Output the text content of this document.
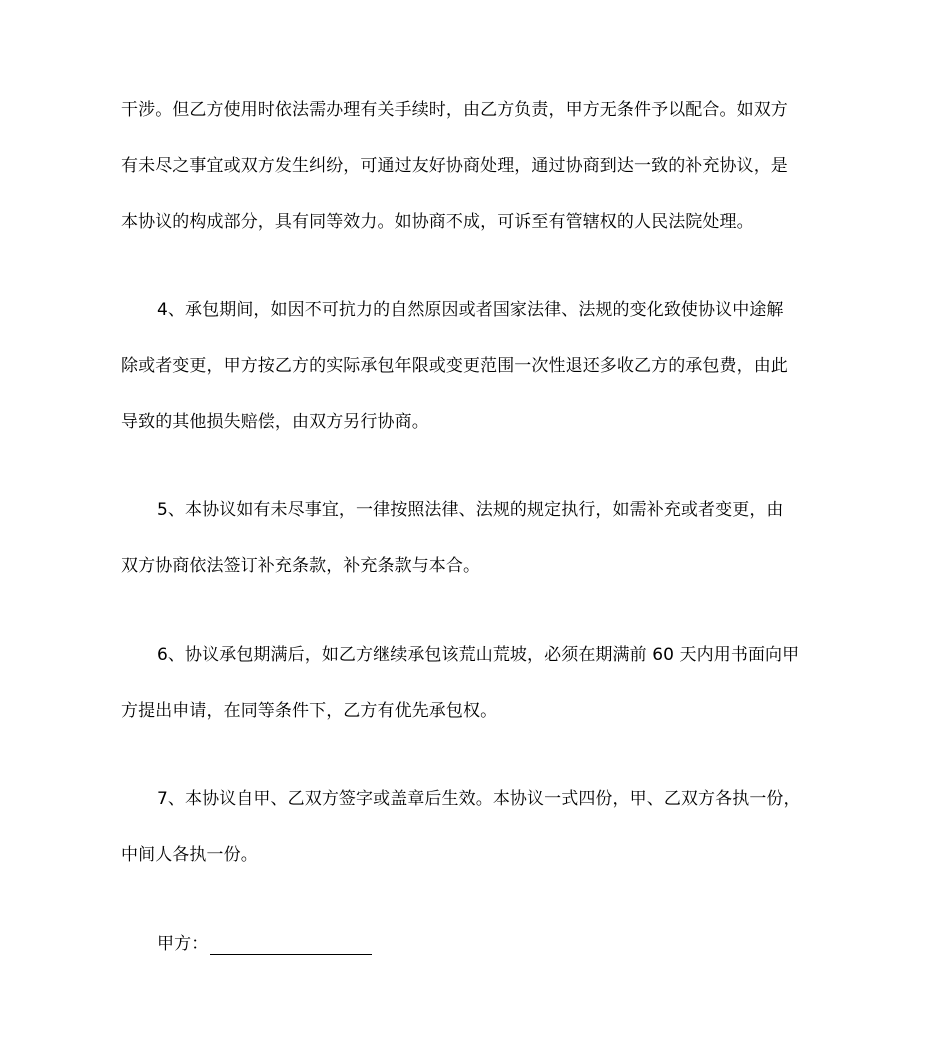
干涉。但乙方使用时依法需办理有关手续时，由乙方负责，甲方无条件予以配合。如双方
有未尽之事宜或双方发生纠纷，可通过友好协商处理，通过协商到达一致的补充协议，是
本协议的构成部分，具有同等效力。如协商不成，可诉至有管辖权的人民法院处理。
4、承包期间，如因不可抗力的自然原因或者国家法律、法规的变化致使协议中途解
除或者变更，甲方按乙方的实际承包年限或变更范围一次性退还多收乙方的承包费，由此
导致的其他损失赔偿，由双方另行协商。
5、本协议如有未尽事宜，一律按照法律、法规的规定执行，如需补充或者变更，由
双方协商依法签订补充条款，补充条款与本合。
6、协议承包期满后，如乙方继续承包该荒山荒坡，必须在期满前 60 天内用书面向甲
方提出申请，在同等条件下，乙方有优先承包权。
7、本协议自甲、乙双方签字或盖章后生效。本协议一式四份，甲、乙双方各执一份，
中间人各执一份。
甲方：
